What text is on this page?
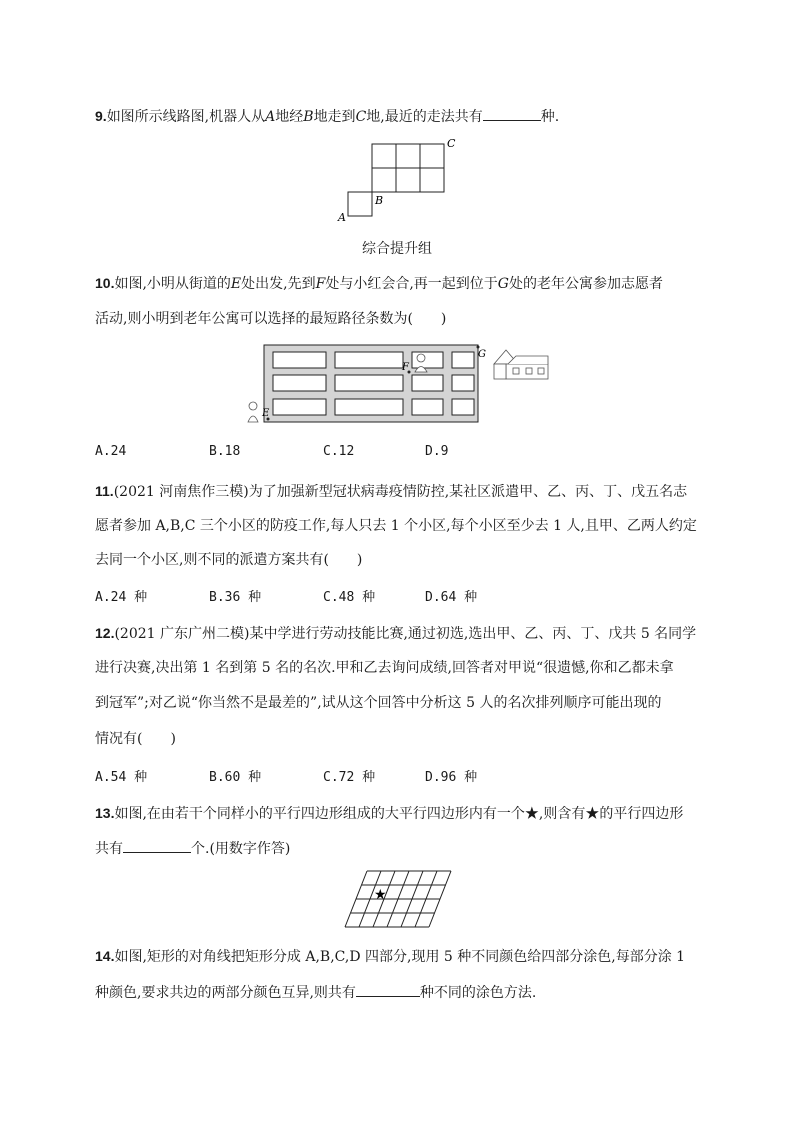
9.如图所示线路图,机器人从A地经B地走到C地,最近的走法共有	种.
A
B
C
综合提升组
10.如图,小明从街道的E处出发,先到F处与小红会合,再一起到位于G处的老年公寓参加志愿者
活动,则小明到老年公寓可以选择的最短路径条数为(　　)
F
E
G
A.24	B.18	C.12	D.9
11.(2021 河南焦作三模)为了加强新型冠状病毒疫情防控,某社区派遣甲、乙、丙、丁、戊五名志
愿者参加 A,B,C 三个小区的防疫工作,每人只去 1 个小区,每个小区至少去 1 人,且甲、乙两人约定
去同一个小区,则不同的派遣方案共有(　　)
A.24 种	B.36 种	C.48 种	D.64 种
12.(2021 广东广州二模)某中学进行劳动技能比赛,通过初选,选出甲、乙、丙、丁、戊共 5 名同学
进行决赛,决出第 1 名到第 5 名的名次.甲和乙去询问成绩,回答者对甲说“很遗憾,你和乙都未拿
到冠军”;对乙说“你当然不是最差的”,试从这个回答中分析这 5 人的名次排列顺序可能出现的
情况有(　　)
A.54 种	B.60 种	C.72 种	D.96 种
13.如图,在由若干个同样小的平行四边形组成的大平行四边形内有一个★,则含有★的平行四边形
共有	个.(用数字作答)
★
14.如图,矩形的对角线把矩形分成 A,B,C,D 四部分,现用 5 种不同颜色给四部分涂色,每部分涂 1
种颜色,要求共边的两部分颜色互异,则共有	种不同的涂色方法.
